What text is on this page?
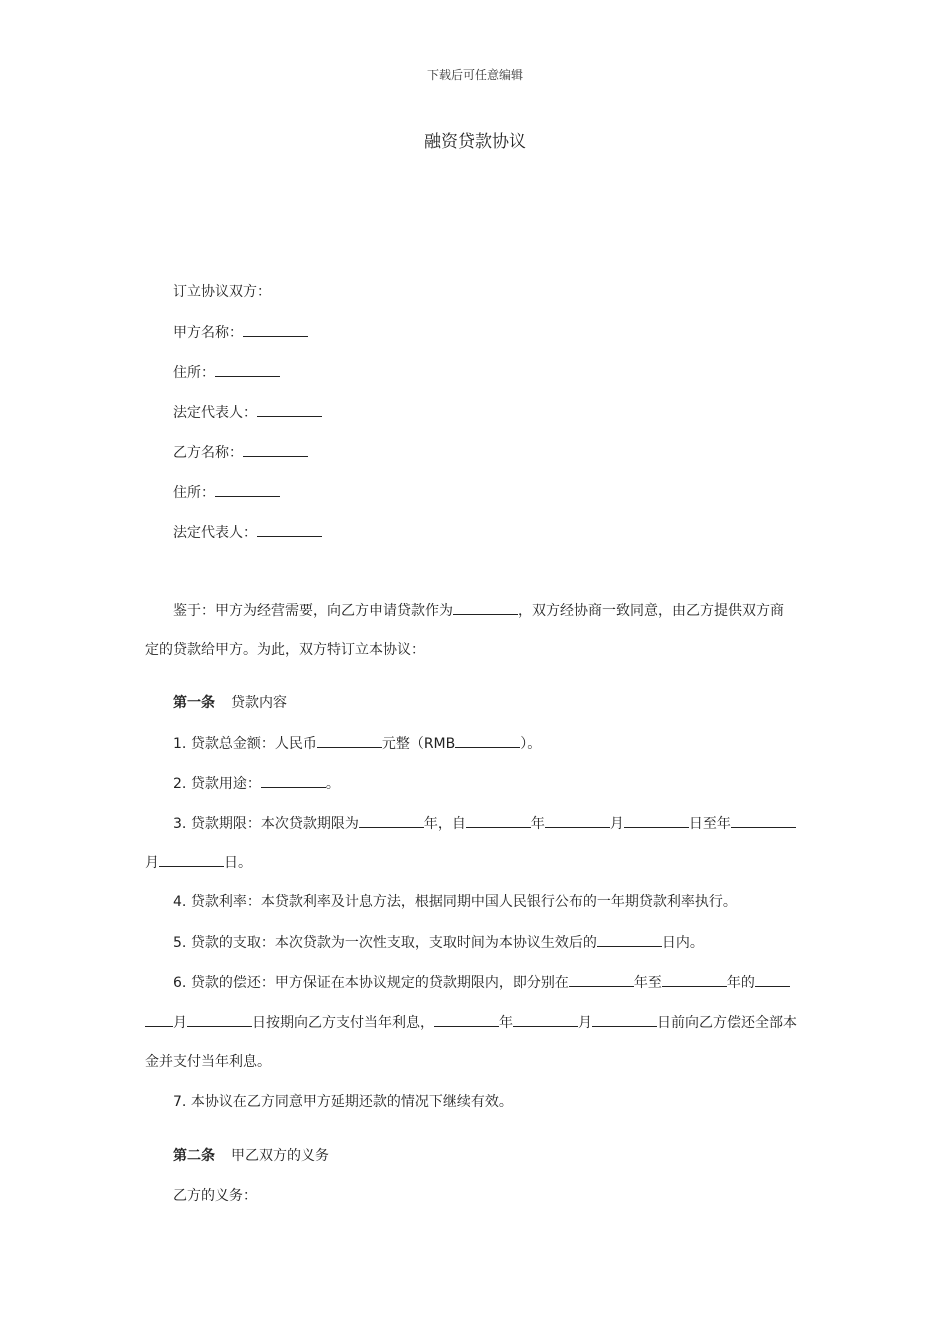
下载后可任意编辑
融资贷款协议
订立协议双方：
甲方名称：
住所：
法定代表人：
乙方名称：
住所：
法定代表人：
鉴于：甲方为经营需要，向乙方申请贷款作为	，双方经协商一致同意，由乙方提供双方商
定的贷款给甲方。为此，双方特订立本协议：
第一条 贷款内容
1. 贷款总金额：人民币	元整（RMB	）。
2. 贷款用途：	。
3. 贷款期限：本次贷款期限为	年，自	年	月	日至年
月	日。
4. 贷款利率：本贷款利率及计息方法，根据同期中国人民银行公布的一年期贷款利率执行。
5. 贷款的支取：本次贷款为一次性支取，支取时间为本协议生效后的	日内。
6. 贷款的偿还：甲方保证在本协议规定的贷款期限内，即分别在	年至	年的
月	日按期向乙方支付当年利息，	年	月	日前向乙方偿还全部本
金并支付当年利息。
7. 本协议在乙方同意甲方延期还款的情况下继续有效。
第二条 甲乙双方的义务
乙方的义务：
